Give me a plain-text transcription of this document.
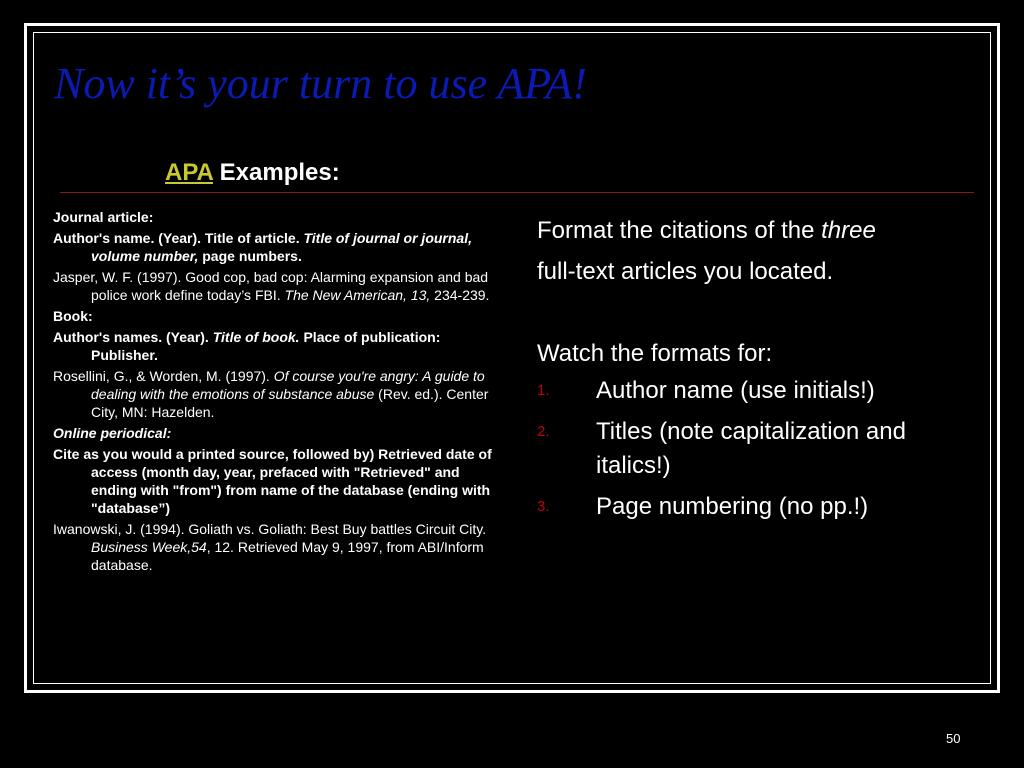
Now it’s your turn to use APA!
APA Examples:

Journal article:

Author's name. (Year). Title of article. Title of journal or journal, volume number, page numbers.

Jasper, W. F. (1997). Good cop, bad cop: Alarming expansion and bad police work define today’s FBI. The New American, 13, 234-239.

Book:

Author's names. (Year). Title of book. Place of publication: Publisher.

Rosellini, G., & Worden, M. (1997). Of course you're angry: A guide to dealing with the emotions of substance abuse (Rev. ed.). Center City, MN: Hazelden.

Online periodical:

Cite as you would a printed source, followed by) Retrieved date of access (month day, year, prefaced with "Retrieved" and ending with "from") from name of the database (ending with "database”)

Iwanowski, J. (1994). Goliath vs. Goliath: Best Buy battles Circuit City. Business Week,54, 12. Retrieved May 9, 1997, from ABI/Inform database.

Format the citations of the three
full-text articles you located.
Watch the formats for:
1. Author name (use initials!)
2. Titles (note capitalization and italics!)
3. Page numbering (no pp.!)
50
